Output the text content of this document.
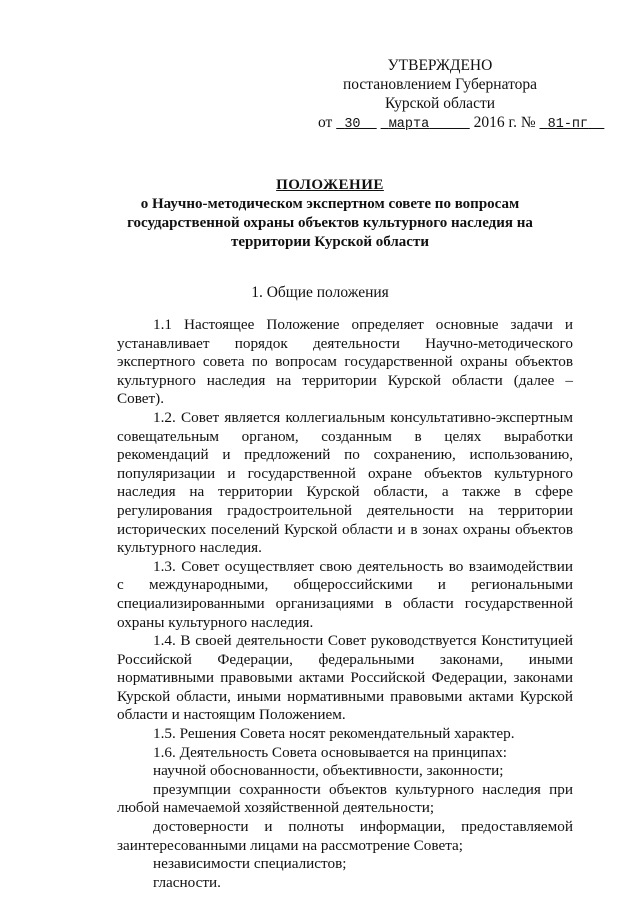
УТВЕРЖДЕНО
постановлением Губернатора
Курской области
от 30 марта	2016 г. № 81-пг
ПОЛОЖЕНИЕ
о Научно-методическом экспертном совете по вопросам государственной охраны объектов культурного наследия на территории Курской области
1. Общие положения

1.1 Настоящее Положение определяет основные задачи и устанавливает порядок деятельности Научно-методического экспертного совета по вопросам государственной охраны объектов культурного наследия на территории Курской области (далее – Совет).

1.2. Совет является коллегиальным консультативно-экспертным совещательным органом, созданным в целях выработки рекомендаций и предложений по сохранению, использованию, популяризации и государственной охране объектов культурного наследия на территории Курской области, а также в сфере регулирования градостроительной деятельности на территории исторических поселений Курской области и в зонах охраны объектов культурного наследия.

1.3. Совет осуществляет свою деятельность во взаимодействии с международными, общероссийскими и региональными специализированными организациями в области государственной охраны культурного наследия.

1.4. В своей деятельности Совет руководствуется Конституцией Российской Федерации, федеральными законами, иными нормативными правовыми актами Российской Федерации, законами Курской области, иными нормативными правовыми актами Курской области и настоящим Положением.

1.5. Решения Совета носят рекомендательный характер.

1.6. Деятельность Совета основывается на принципах:

научной обоснованности, объективности, законности;

презумпции сохранности объектов культурного наследия при любой намечаемой хозяйственной деятельности;

достоверности и полноты информации, предоставляемой заинтересованными лицами на рассмотрение Совета;

независимости специалистов;

гласности.
